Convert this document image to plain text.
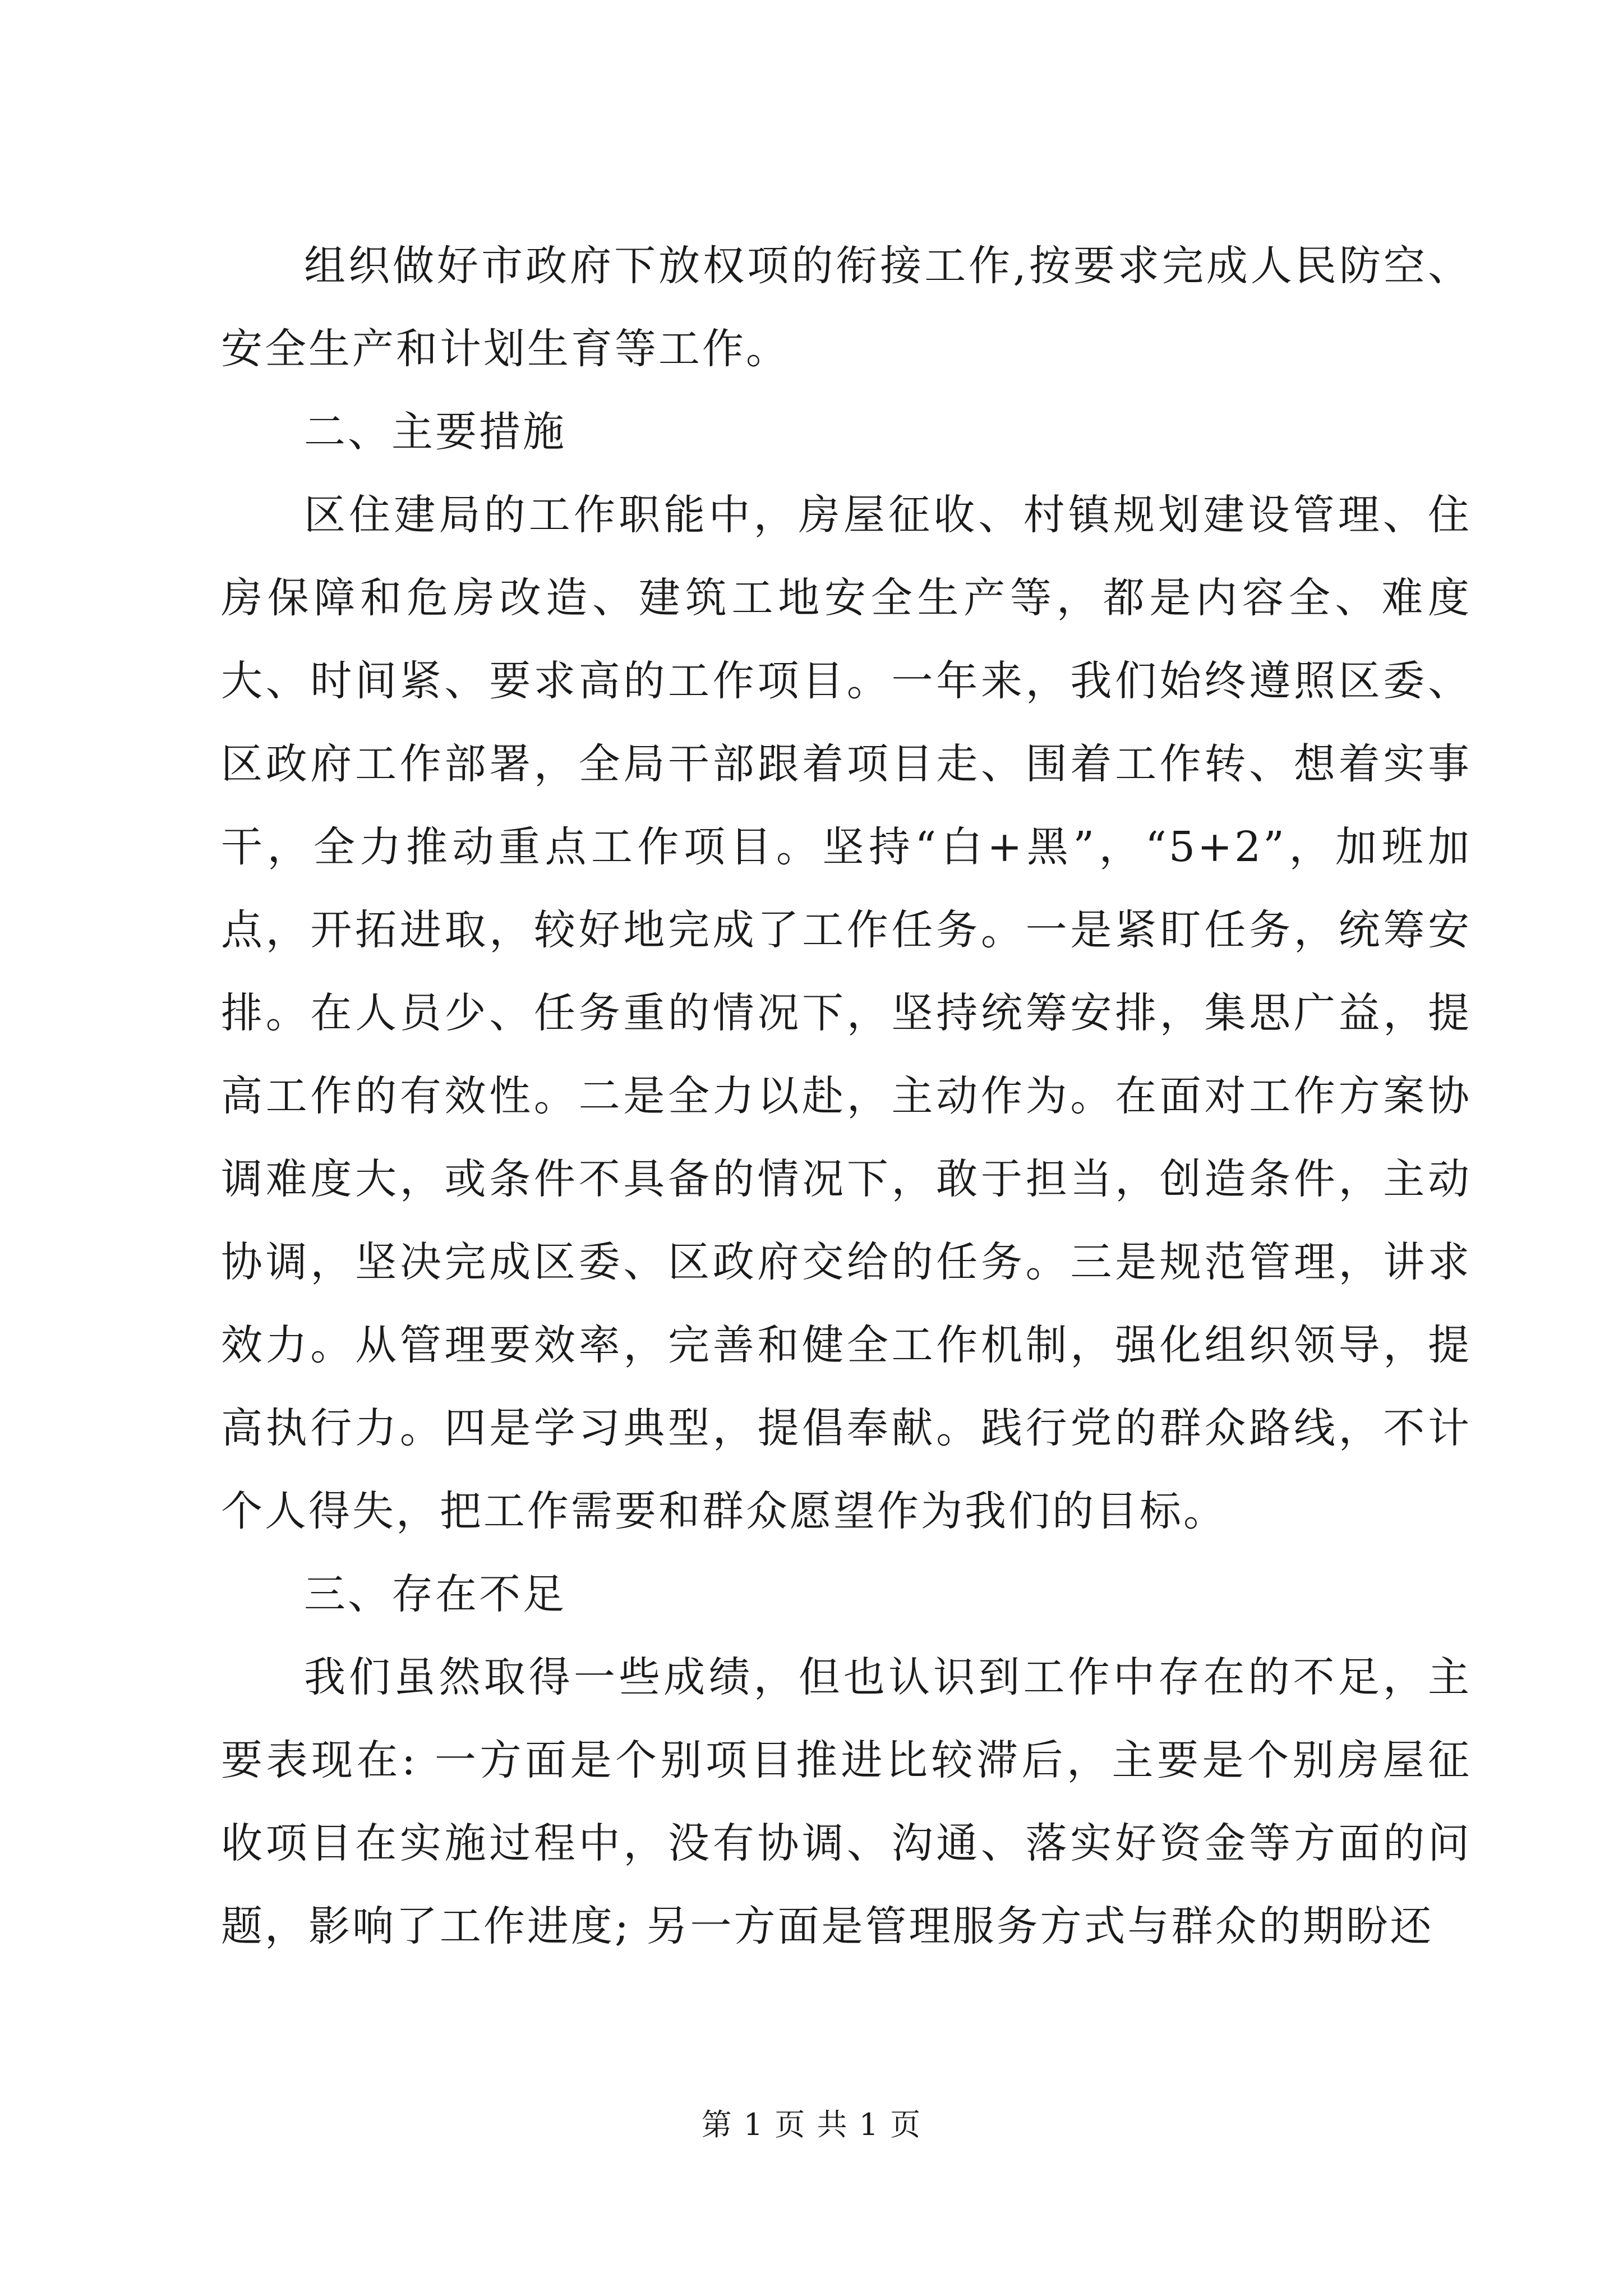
组织做好市政府下放权项的衔接工作,按要求完成人民防空、安全生产和计划生育等工作。

二、主要措施

区住建局的工作职能中，房屋征收、村镇规划建设管理、住房保障和危房改造、建筑工地安全生产等，都是内容全、难度大、时间紧、要求高的工作项目。一年来，我们始终遵照区委、区政府工作部署，全局干部跟着项目走、围着工作转、想着实事干，全力推动重点工作项目。坚持“白+黑”，“5+2”，加班加点，开拓进取，较好地完成了工作任务。一是紧盯任务，统筹安排。在人员少、任务重的情况下，坚持统筹安排，集思广益，提高工作的有效性。二是全力以赴，主动作为。在面对工作方案协调难度大，或条件不具备的情况下，敢于担当，创造条件，主动协调，坚决完成区委、区政府交给的任务。三是规范管理，讲求效力。从管理要效率，完善和健全工作机制，强化组织领导，提高执行力。四是学习典型，提倡奉献。践行党的群众路线，不计个人得失，把工作需要和群众愿望作为我们的目标。

三、存在不足

我们虽然取得一些成绩，但也认识到工作中存在的不足，主要表现在: 一方面是个别项目推进比较滞后，主要是个别房屋征收项目在实施过程中，没有协调、沟通、落实好资金等方面的问题，影响了工作进度; 另一方面是管理服务方式与群众的期盼还

第 1 页 共 1 页
